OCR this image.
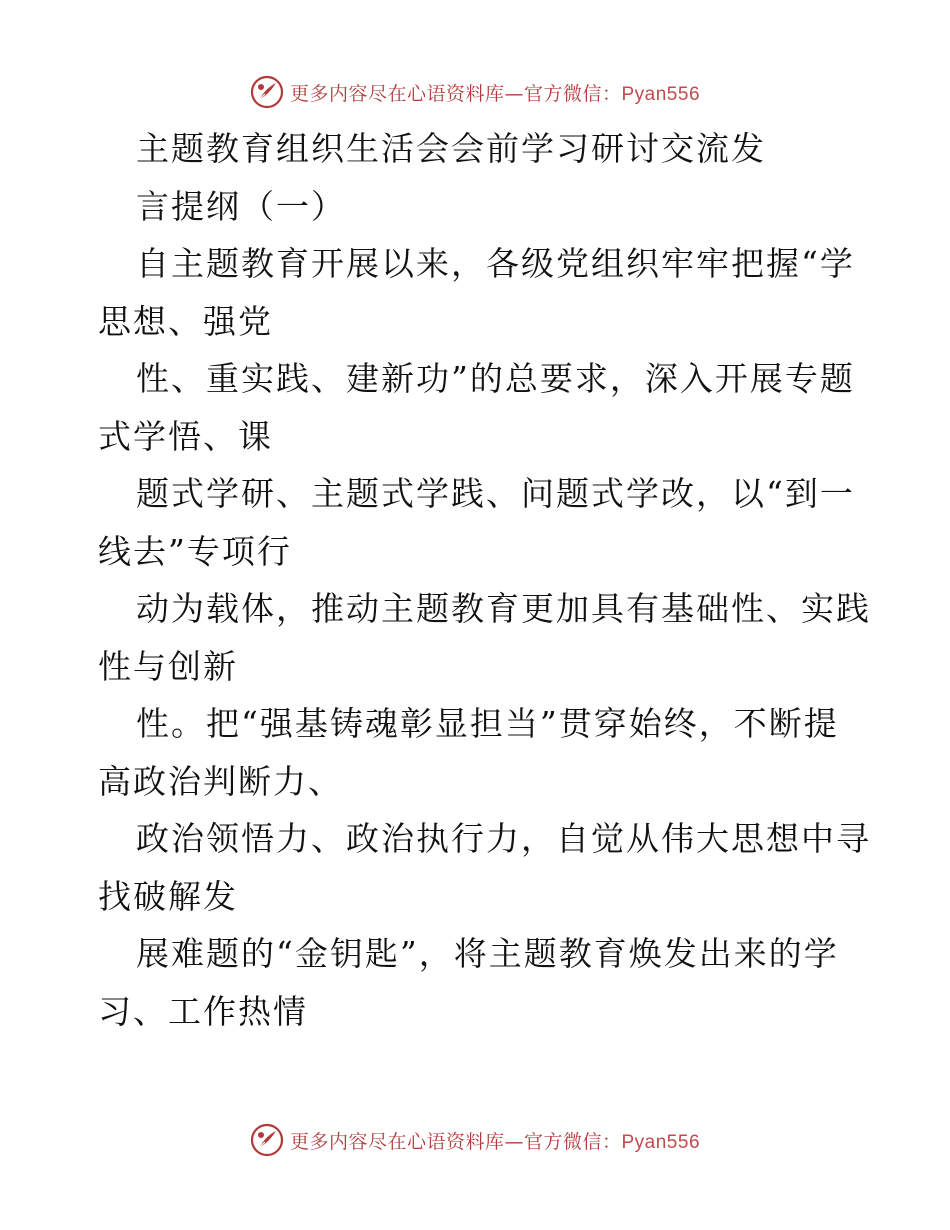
更多内容尽在心语资料库—官方微信：Pyan556
主题教育组织生活会会前学习研讨交流发
言提纲（一）
自主题教育开展以来，各级党组织牢牢把握“学
思想、强党
性、重实践、建新功”的总要求，深入开展专题
式学悟、课
题式学研、主题式学践、问题式学改，以“到一
线去”专项行
动为载体，推动主题教育更加具有基础性、实践
性与创新
性。把“强基铸魂彰显担当”贯穿始终，不断提
高政治判断力、
政治领悟力、政治执行力，自觉从伟大思想中寻
找破解发
展难题的“金钥匙”，将主题教育焕发出来的学
习、工作热情
更多内容尽在心语资料库—官方微信：Pyan556
